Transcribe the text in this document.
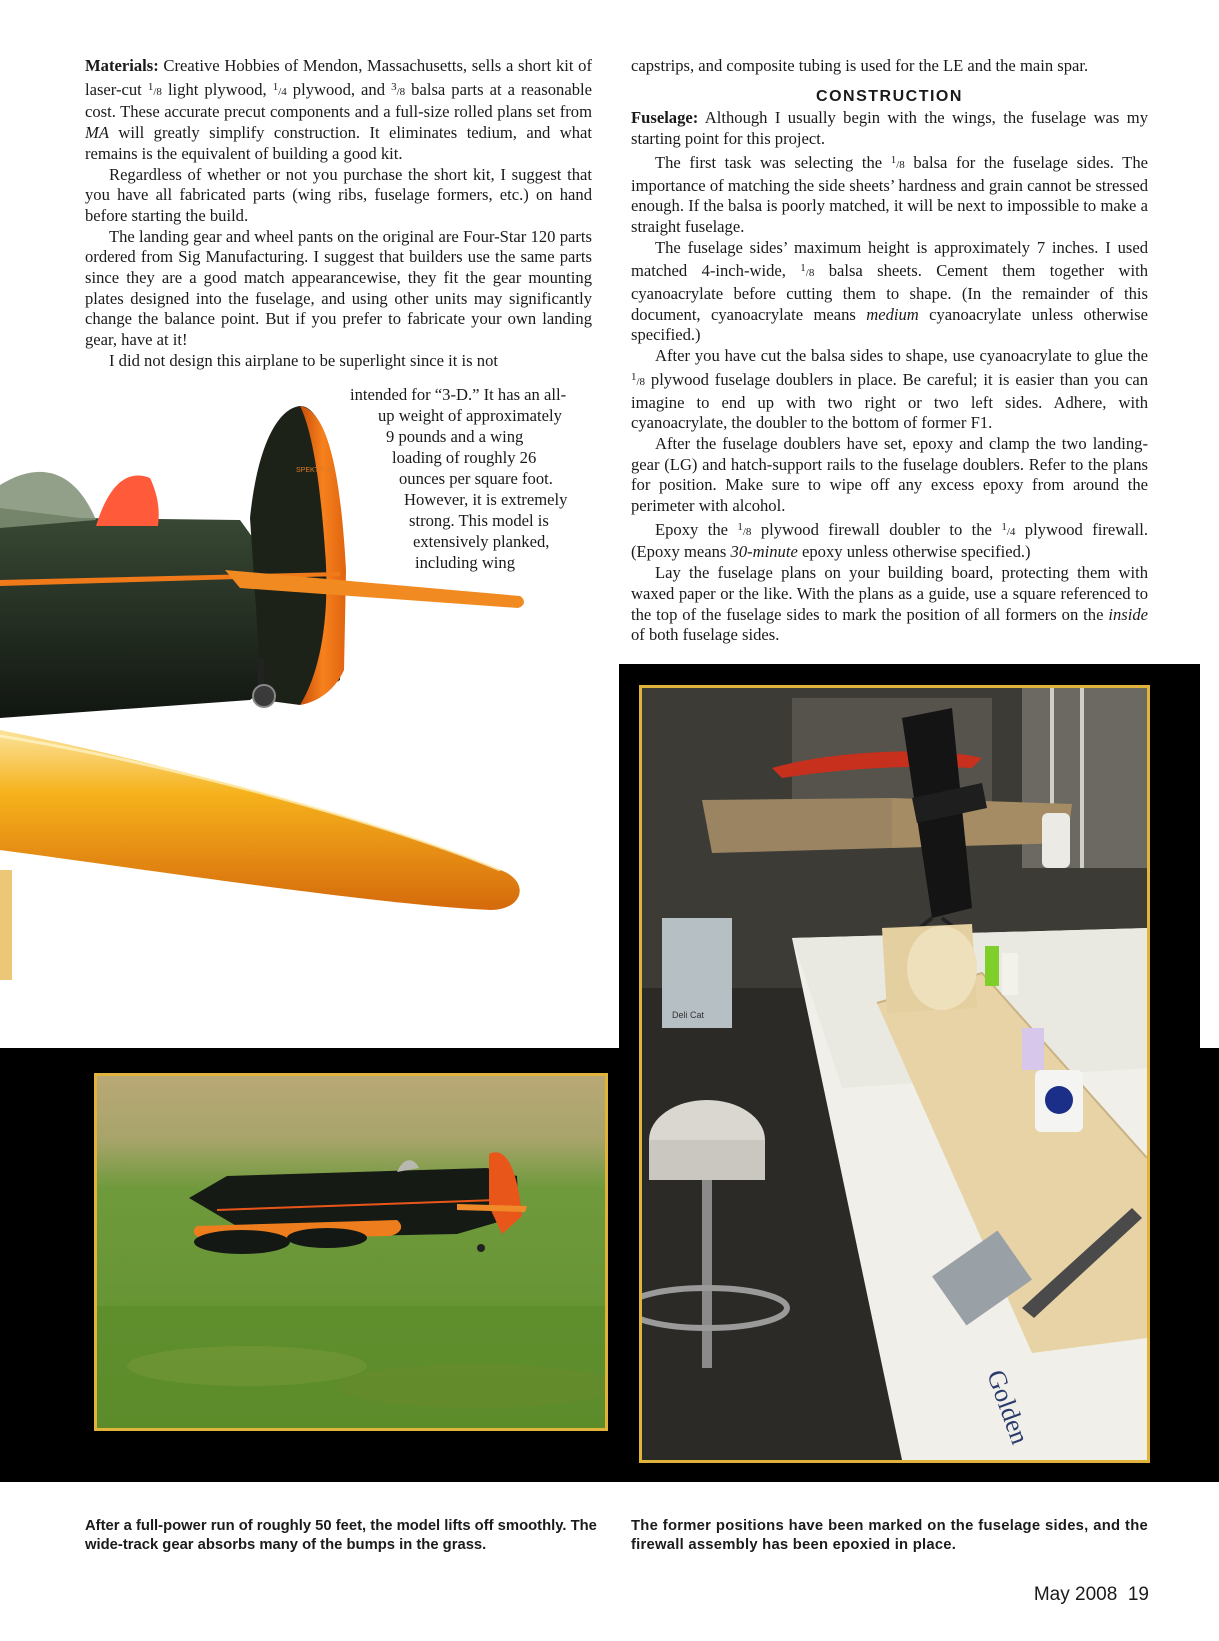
Materials: Creative Hobbies of Mendon, Massachusetts, sells a short kit of laser-cut $^1$/8 light plywood, $^1$/4 plywood, and $^3$/8 balsa parts at a reasonable cost. These accurate precut components and a full-size rolled plans set from MA will greatly simplify construction. It eliminates tedium, and what remains is the equivalent of building a good kit.

Regardless of whether or not you purchase the short kit, I suggest that you have all fabricated parts (wing ribs, fuselage formers, etc.) on hand before starting the build.

The landing gear and wheel pants on the original are Four-Star 120 parts ordered from Sig Manufacturing. I suggest that builders use the same parts since they are a good match appearancewise, they fit the gear mounting plates designed into the fuselage, and using other units may significantly change the balance point. But if you prefer to fabricate your own landing gear, have at it!

I did not design this airplane to be superlight since it is not

intended for “3-D.” It has an all-
up weight of approximately
9 pounds and a wing
loading of roughly 26
ounces per square foot.
However, it is extremely
strong. This model is
extensively planked,
including wing
SPEKTRUM

capstrips, and composite tubing is used for the LE and the main spar.

CONSTRUCTION

Fuselage: Although I usually begin with the wings, the fuselage was my starting point for this project.

The first task was selecting the $^1$/8 balsa for the fuselage sides. The importance of matching the side sheets’ hardness and grain cannot be stressed enough. If the balsa is poorly matched, it will be next to impossible to make a straight fuselage.

The fuselage sides’ maximum height is approximately 7 inches. I used matched 4-inch-wide, $^1$/8 balsa sheets. Cement them together with cyanoacrylate before cutting them to shape. (In the remainder of this document, cyanoacrylate means medium cyanoacrylate unless otherwise specified.)

After you have cut the balsa sides to shape, use cyanoacrylate to glue the $^1$/8 plywood fuselage doublers in place. Be careful; it is easier than you can imagine to end up with two right or two left sides. Adhere, with cyanoacrylate, the doubler to the bottom of former F1.

After the fuselage doublers have set, epoxy and clamp the two landing-gear (LG) and hatch-support rails to the fuselage doublers. Refer to the plans for position. Make sure to wipe off any excess epoxy from around the perimeter with alcohol.

Epoxy the $^1$/8 plywood firewall doubler to the $^1$/4 plywood firewall. (Epoxy means 30-minute epoxy unless otherwise specified.)

Lay the fuselage plans on your building board, protecting them with waxed paper or the like. With the plans as a guide, use a square referenced to the top of the fuselage sides to mark the position of all formers on the inside of both fuselage sides.

Deli Cat
Golden
After a full-power run of roughly 50 feet, the model lifts off smoothly. The wide-track gear absorbs many of the bumps in the grass.
The former positions have been marked on the fuselage sides, and the firewall assembly has been epoxied in place.
May 2008  19
